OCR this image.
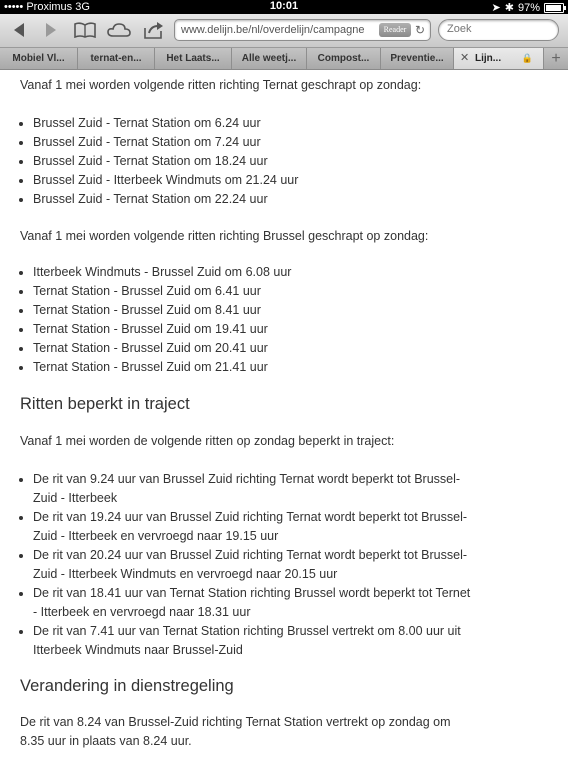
••••• Proximus 3G	10:01	➤ ✱ 97%
www.delijn.be/nl/overdelijn/campagne	Reader ↻
Zoek
Mobiel Vl...	ternat-en...	Het Laats...	Alle weetj...	Compost...	Preventie...	✕ Lijn... 🔒	+

Vanaf 1 mei worden volgende ritten richting Ternat geschrapt op zondag:

• Brussel Zuid - Ternat Station om 6.24 uur
• Brussel Zuid - Ternat Station om 7.24 uur
• Brussel Zuid - Ternat Station om 18.24 uur
• Brussel Zuid - Itterbeek Windmuts om 21.24 uur
• Brussel Zuid - Ternat Station om 22.24 uur

Vanaf 1 mei worden volgende ritten richting Brussel geschrapt op zondag:

• Itterbeek Windmuts - Brussel Zuid om 6.08 uur
• Ternat Station - Brussel Zuid om 6.41 uur
• Ternat Station - Brussel Zuid om 8.41 uur
• Ternat Station - Brussel Zuid om 19.41 uur
• Ternat Station - Brussel Zuid om 20.41 uur
• Ternat Station - Brussel Zuid om 21.41 uur
Ritten beperkt in traject

Vanaf 1 mei worden de volgende ritten op zondag beperkt in traject:

• De rit van 9.24 uur van Brussel Zuid richting Ternat wordt beperkt tot Brussel-Zuid - Itterbeek
• De rit van 19.24 uur van Brussel Zuid richting Ternat wordt beperkt tot Brussel-Zuid - Itterbeek en vervroegd naar 19.15 uur
• De rit van 20.24 uur van Brussel Zuid richting Ternat wordt beperkt tot Brussel-Zuid - Itterbeek Windmuts en vervroegd naar 20.15 uur
• De rit van 18.41 uur van Ternat Station richting Brussel wordt beperkt tot Ternet - Itterbeek en vervroegd naar 18.31 uur
• De rit van 7.41 uur van Ternat Station richting Brussel vertrekt om 8.00 uur uit Itterbeek Windmuts naar Brussel-Zuid
Verandering in dienstregeling

De rit van 8.24 van Brussel-Zuid richting Ternat Station vertrekt op zondag om 8.35 uur in plaats van 8.24 uur.
